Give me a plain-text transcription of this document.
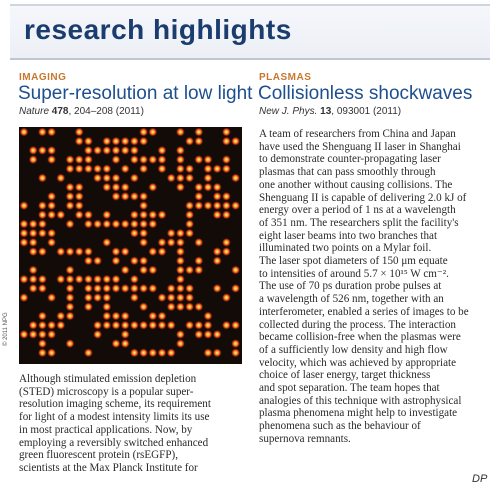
research highlights
IMAGING
Super-resolution at low light
Nature 478, 204–208 (2011)
© 2011 NPG
Although stimulated emission depletion
(STED) microscopy is a popular super-
resolution imaging scheme, its requirement
for light of a modest intensity limits its use
in most practical applications. Now, by
employing a reversibly switched enhanced
green fluorescent protein (rsEGFP),
scientists at the Max Planck Institute for
PLASMAS
Collisionless shockwaves
New J. Phys. 13, 093001 (2011)
A team of researchers from China and Japan
have used the Shenguang II laser in Shanghai
to demonstrate counter-propagating laser
plasmas that can pass smoothly through
one another without causing collisions. The
Shenguang II is capable of delivering 2.0 kJ of
energy over a period of 1 ns at a wavelength
of 351 nm. The researchers split the facility's
eight laser beams into two branches that
illuminated two points on a Mylar foil.
The laser spot diameters of 150 μm equate
to intensities of around 5.7 × 10¹⁵ W cm⁻².
The use of 70 ps duration probe pulses at
a wavelength of 526 nm, together with an
interferometer, enabled a series of images to be
collected during the process. The interaction
became collision-free when the plasmas were
of a sufficiently low density and high flow
velocity, which was achieved by appropriate
choice of laser energy, target thickness
and spot separation. The team hopes that
analogies of this technique with astrophysical
plasma phenomena might help to investigate
phenomena such as the behaviour of
supernova remnants.
DP
